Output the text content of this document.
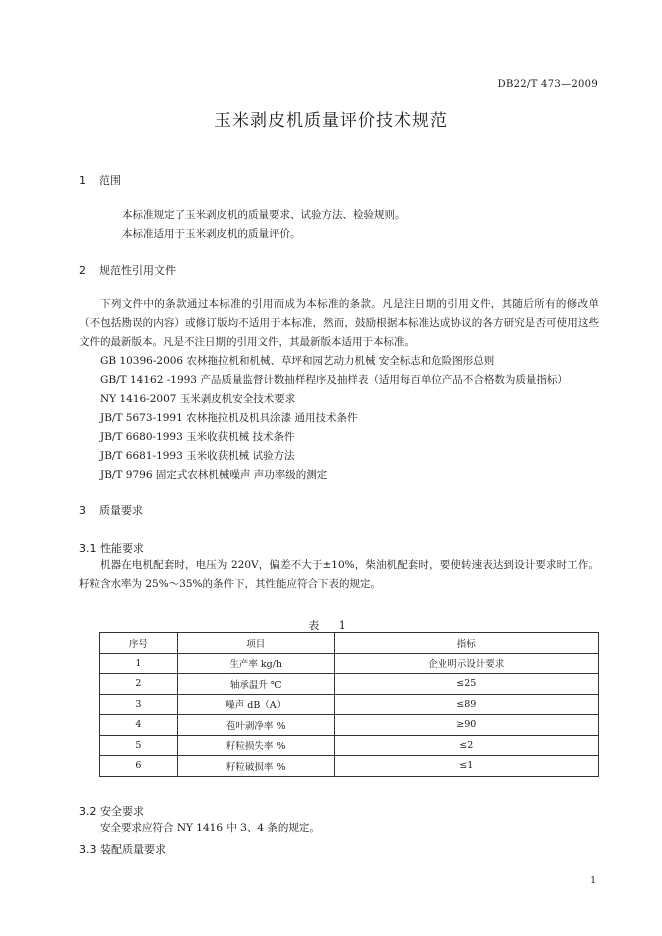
DB22/T 473—2009
玉米剥皮机质量评价技术规范
1 范围
本标准规定了玉米剥皮机的质量要求、试验方法、检验规则。
本标准适用于玉米剥皮机的质量评价。
2 规范性引用文件
下列文件中的条款通过本标准的引用而成为本标准的条款。凡是注日期的引用文件，其随后所有的修改单（不包括勘误的内容）或修订版均不适用于本标准，然而，鼓励根据本标准达成协议的各方研究是否可使用这些文件的最新版本。凡是不注日期的引用文件，其最新版本适用于本标准。
GB 10396-2006 农林拖拉机和机械、草坪和园艺动力机械 安全标志和危险图形总则
GB/T 14162 -1993 产品质量监督计数抽样程序及抽样表（适用每百单位产品不合格数为质量指标）
NY 1416-2007 玉米剥皮机安全技术要求
JB/T 5673-1991 农林拖拉机及机具涂漆 通用技术条件
JB/T 6680-1993 玉米收获机械 技术条件
JB/T 6681-1993 玉米收获机械 试验方法
JB/T 9796 固定式农林机械噪声 声功率级的测定
3 质量要求
3.1 性能要求
机器在电机配套时，电压为 220V，偏差不大于±10%，柴油机配套时，要使转速表达到设计要求时工作。籽粒含水率为 25%～35%的条件下，其性能应符合下表的规定。
表 1
序号	项目	指标
1	生产率 kg/h	企业明示设计要求
2	轴承温升 ℃	≤25
3	噪声 dB（A）	≤89
4	苞叶剥净率 %	≥90
5	籽粒损失率 %	≤2
6	籽粒破损率 %	≤1
3.2 安全要求
安全要求应符合 NY 1416 中 3、4 条的规定。
3.3 装配质量要求
1
